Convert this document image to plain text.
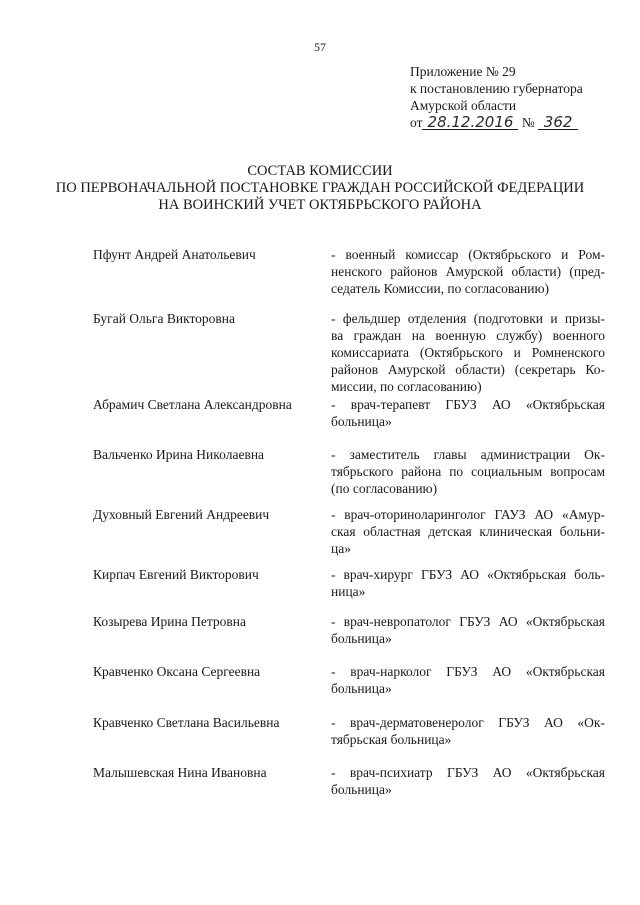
57
Приложение № 29
к постановлению губернатора
Амурской области
от 28.12.2016 № 362
СОСТАВ КОМИССИИ
ПО ПЕРВОНАЧАЛЬНОЙ ПОСТАНОВКЕ ГРАЖДАН РОССИЙСКОЙ ФЕДЕРАЦИИ
НА ВОИНСКИЙ УЧЕТ ОКТЯБРЬСКОГО РАЙОНА
Пфунт Андрей Анатольевич	- военный комиссар (Октябрьского и Ром-
ненского районов Амурской области) (пред-
седатель Комиссии, по согласованию)
Бугай Ольга Викторовна	- фельдшер отделения (подготовки и призы-
ва граждан на военную службу) военного
комиссариата (Октябрьского и Ромненского
районов Амурской области) (секретарь Ко-
миссии, по согласованию)
Абрамич Светлана Александровна	- врач-терапевт ГБУЗ АО «Октябрьская
больница»
Вальченко Ирина Николаевна	- заместитель главы администрации Ок-
тябрьского района по социальным вопросам
(по согласованию)
Духовный Евгений Андреевич	- врач-оториноларинголог ГАУЗ АО «Амур-
ская областная детская клиническая больни-
ца»
Кирпач Евгений Викторович	- врач-хирург ГБУЗ АО «Октябрьская боль-
ница»
Козырева Ирина Петровна	- врач-невропатолог ГБУЗ АО «Октябрьская
больница»
Кравченко Оксана Сергеевна	- врач-нарколог ГБУЗ АО «Октябрьская
больница»
Кравченко Светлана Васильевна	- врач-дерматовенеролог ГБУЗ АО «Ок-
тябрьская больница»
Малышевская Нина Ивановна	- врач-психиатр ГБУЗ АО «Октябрьская
больница»
